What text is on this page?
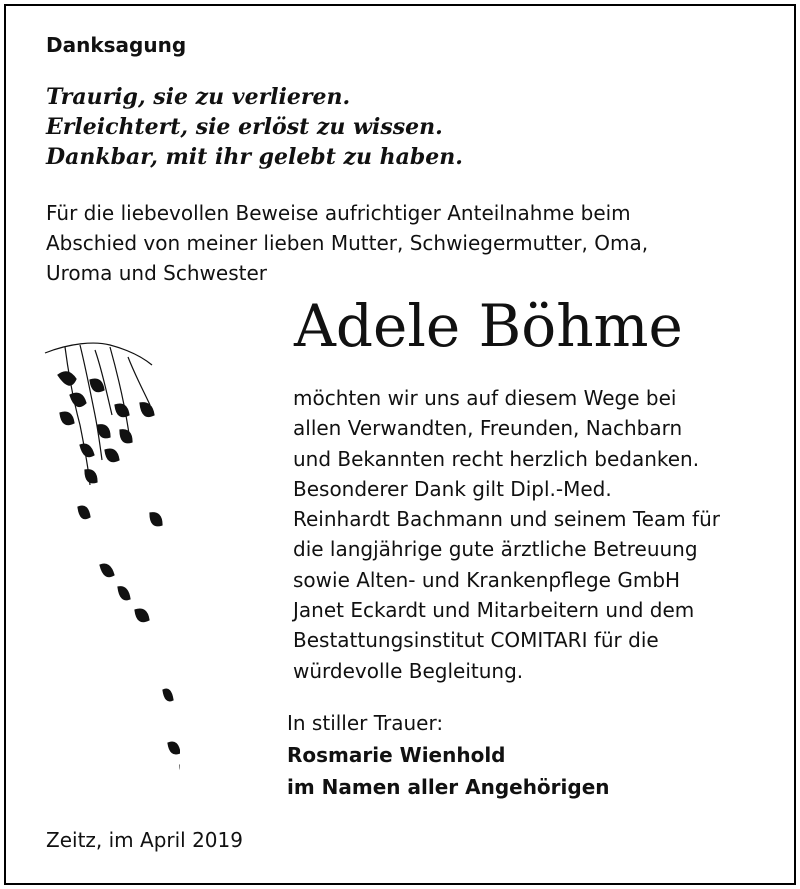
Danksagung
Traurig, sie zu verlieren.
Erleichtert, sie erlöst zu wissen.
Dankbar, mit ihr gelebt zu haben.
Für die liebevollen Beweise aufrichtiger Anteilnahme beim
Abschied von meiner lieben Mutter, Schwiegermutter, Oma,
Uroma und Schwester
Adele Böhme
möchten wir uns auf diesem Wege bei
allen Verwandten, Freunden, Nachbarn
und Bekannten recht herzlich bedanken.
Besonderer Dank gilt Dipl.-Med.
Reinhardt Bachmann und seinem Team für
die langjährige gute ärztliche Betreuung
sowie Alten- und Krankenpflege GmbH
Janet Eckardt und Mitarbeitern und dem
Bestattungsinstitut COMITARI für die
würdevolle Begleitung.
In stiller Trauer:
Rosmarie Wienhold
im Namen aller Angehörigen
Zeitz, im April 2019
